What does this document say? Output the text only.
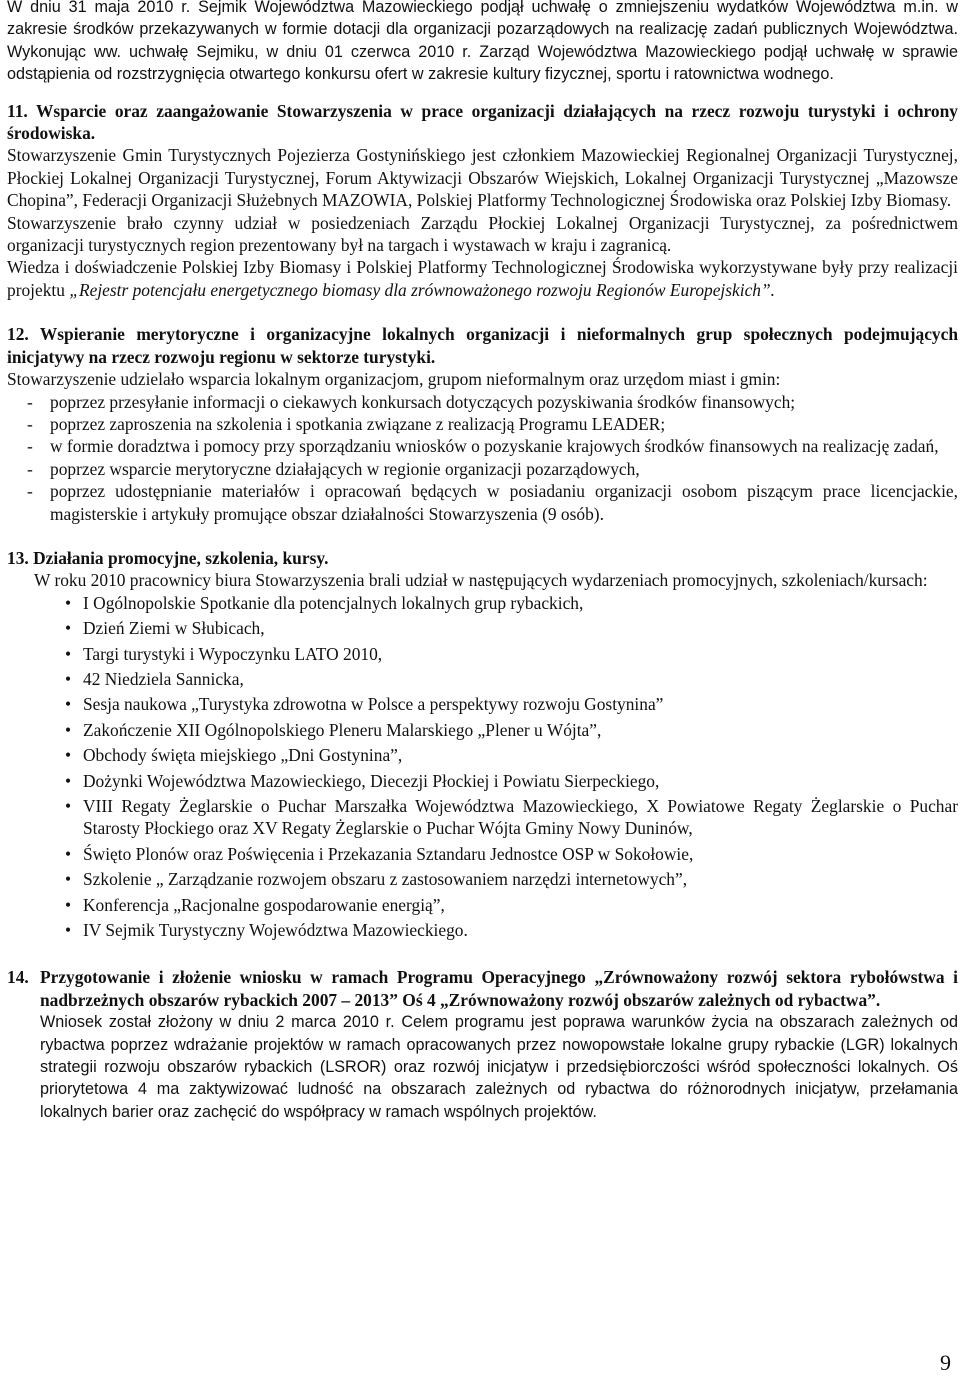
W dniu 31 maja 2010 r. Sejmik Województwa Mazowieckiego podjął uchwałę o zmniejszeniu wydatków Województwa m.in. w zakresie środków przekazywanych w formie dotacji dla organizacji pozarządowych na realizację zadań publicznych Województwa. Wykonując ww. uchwałę Sejmiku, w dniu 01 czerwca 2010 r. Zarząd Województwa Mazowieckiego podjął uchwałę w sprawie odstąpienia od rozstrzygnięcia otwartego konkursu ofert w zakresie kultury fizycznej, sportu i ratownictwa wodnego.

11. Wsparcie oraz zaangażowanie Stowarzyszenia w prace organizacji działających na rzecz rozwoju turystyki i ochrony środowiska.

Stowarzyszenie Gmin Turystycznych Pojezierza Gostynińskiego jest członkiem Mazowieckiej Regionalnej Organizacji Turystycznej, Płockiej Lokalnej Organizacji Turystycznej, Forum Aktywizacji Obszarów Wiejskich, Lokalnej Organizacji Turystycznej „Mazowsze Chopina”, Federacji Organizacji Służebnych MAZOWIA, Polskiej Platformy Technologicznej Środowiska oraz Polskiej Izby Biomasy.

Stowarzyszenie brało czynny udział w posiedzeniach Zarządu Płockiej Lokalnej Organizacji Turystycznej, za pośrednictwem organizacji turystycznych region prezentowany był na targach i wystawach w kraju i zagranicą.

Wiedza i doświadczenie Polskiej Izby Biomasy i Polskiej Platformy Technologicznej Środowiska wykorzystywane były przy realizacji projektu „Rejestr potencjału energetycznego biomasy dla zrównoważonego rozwoju Regionów Europejskich”.

12. Wspieranie merytoryczne i organizacyjne lokalnych organizacji i nieformalnych grup społecznych podejmujących inicjatywy na rzecz rozwoju regionu w sektorze turystyki.

Stowarzyszenie udzielało wsparcia lokalnym organizacjom, grupom nieformalnym oraz urzędom miast i gmin:

- poprzez przesyłanie informacji o ciekawych konkursach dotyczących pozyskiwania środków finansowych;
- poprzez zaproszenia na szkolenia i spotkania związane z realizacją Programu LEADER;
- w formie doradztwa i pomocy przy sporządzaniu wniosków o pozyskanie krajowych środków finansowych na realizację zadań,
- poprzez wsparcie merytoryczne działających w regionie organizacji pozarządowych,
- poprzez udostępnianie materiałów i opracowań będących w posiadaniu organizacji osobom piszącym prace licencjackie, magisterskie i artykuły promujące obszar działalności Stowarzyszenia (9 osób).
13. Działania promocyjne, szkolenia, kursy.

W roku 2010 pracownicy biura Stowarzyszenia brali udział w następujących wydarzeniach promocyjnych, szkoleniach/kursach:

• I Ogólnopolskie Spotkanie dla potencjalnych lokalnych grup rybackich,
• Dzień Ziemi w Słubicach,
• Targi turystyki i Wypoczynku LATO 2010,
• 42 Niedziela Sannicka,
• Sesja naukowa „Turystyka zdrowotna w Polsce a perspektywy rozwoju Gostynina”
• Zakończenie XII Ogólnopolskiego Pleneru Malarskiego „Plener u Wójta”,
• Obchody święta miejskiego „Dni Gostynina”,
• Dożynki Województwa Mazowieckiego, Diecezji Płockiej i Powiatu Sierpeckiego,
• VIII Regaty Żeglarskie o Puchar Marszałka Województwa Mazowieckiego, X Powiatowe Regaty Żeglarskie o Puchar Starosty Płockiego oraz XV Regaty Żeglarskie o Puchar Wójta Gminy Nowy Duninów,
• Święto Plonów oraz Poświęcenia i Przekazania Sztandaru Jednostce OSP w Sokołowie,
• Szkolenie „ Zarządzanie rozwojem obszaru z zastosowaniem narzędzi internetowych”,
• Konferencja „Racjonalne gospodarowanie energią”,
• IV Sejmik Turystyczny Województwa Mazowieckiego.
14. Przygotowanie i złożenie wniosku w ramach Programu Operacyjnego „Zrównoważony rozwój sektora rybołówstwa i nadbrzeżnych obszarów rybackich 2007 – 2013” Oś 4 „Zrównoważony rozwój obszarów zależnych od rybactwa”.

Wniosek został złożony w dniu 2 marca 2010 r. Celem programu jest poprawa warunków życia na obszarach zależnych od rybactwa poprzez wdrażanie projektów w ramach opracowanych przez nowopowstałe lokalne grupy rybackie (LGR) lokalnych strategii rozwoju obszarów rybackich (LSROR) oraz rozwój inicjatyw i przedsiębiorczości wśród społeczności lokalnych. Oś priorytetowa 4 ma zaktywizować ludność na obszarach zależnych od rybactwa do różnorodnych inicjatyw, przełamania lokalnych barier oraz zachęcić do współpracy w ramach wspólnych projektów.

9
